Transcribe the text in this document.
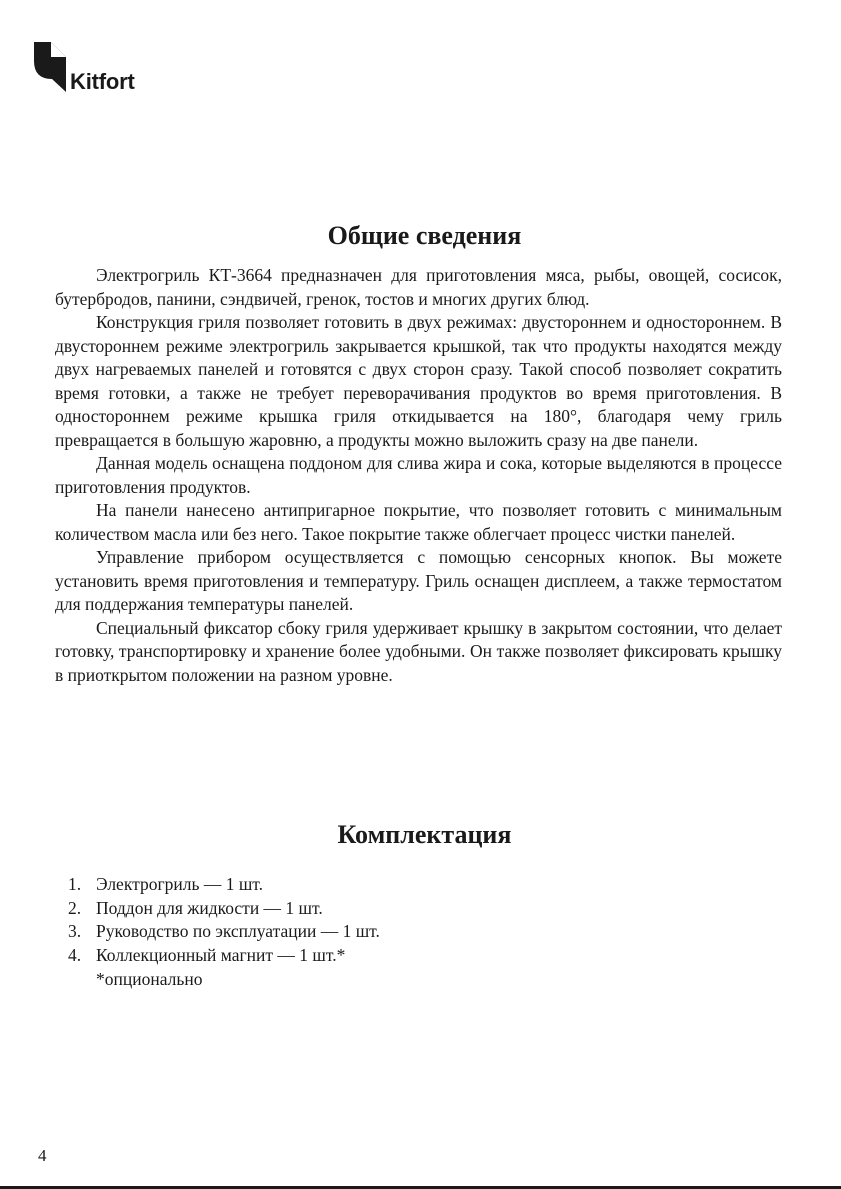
Kitfort
Общие сведения

Электрогриль КТ-3664 предназначен для приготовления мяса, рыбы, овощей, сосисок, бутербродов, панини, сэндвичей, гренок, тостов и многих других блюд.

Конструкция гриля позволяет готовить в двух режимах: двустороннем и одностороннем. В двустороннем режиме электрогриль закрывается крышкой, так что продукты находятся между двух нагреваемых панелей и готовятся с двух сторон сразу. Такой способ позволяет сократить время готовки, а также не требует переворачивания продуктов во время приготовления. В одностороннем режиме крышка гриля откидывается на 180°, благодаря чему гриль превращается в большую жаровню, а продукты можно выложить сразу на две панели.

Данная модель оснащена поддоном для слива жира и сока, которые выделяются в процессе приготовления продуктов.

На панели нанесено антипригарное покрытие, что позволяет готовить с минимальным количеством масла или без него. Такое покрытие также облегчает процесс чистки панелей.

Управление прибором осуществляется с помощью сенсорных кнопок. Вы можете установить время приготовления и температуру. Гриль оснащен дисплеем, а также термостатом для поддержания температуры панелей.

Специальный фиксатор сбоку гриля удерживает крышку в закрытом состоянии, что делает готовку, транспортировку и хранение более удобными. Он также позволяет фиксировать крышку в приоткрытом положении на разном уровне.

Комплектация
1. Электрогриль — 1 шт.
2. Поддон для жидкости — 1 шт.
3. Руководство по эксплуатации — 1 шт.
4. Коллекционный магнит — 1 шт.*
*опционально
4
